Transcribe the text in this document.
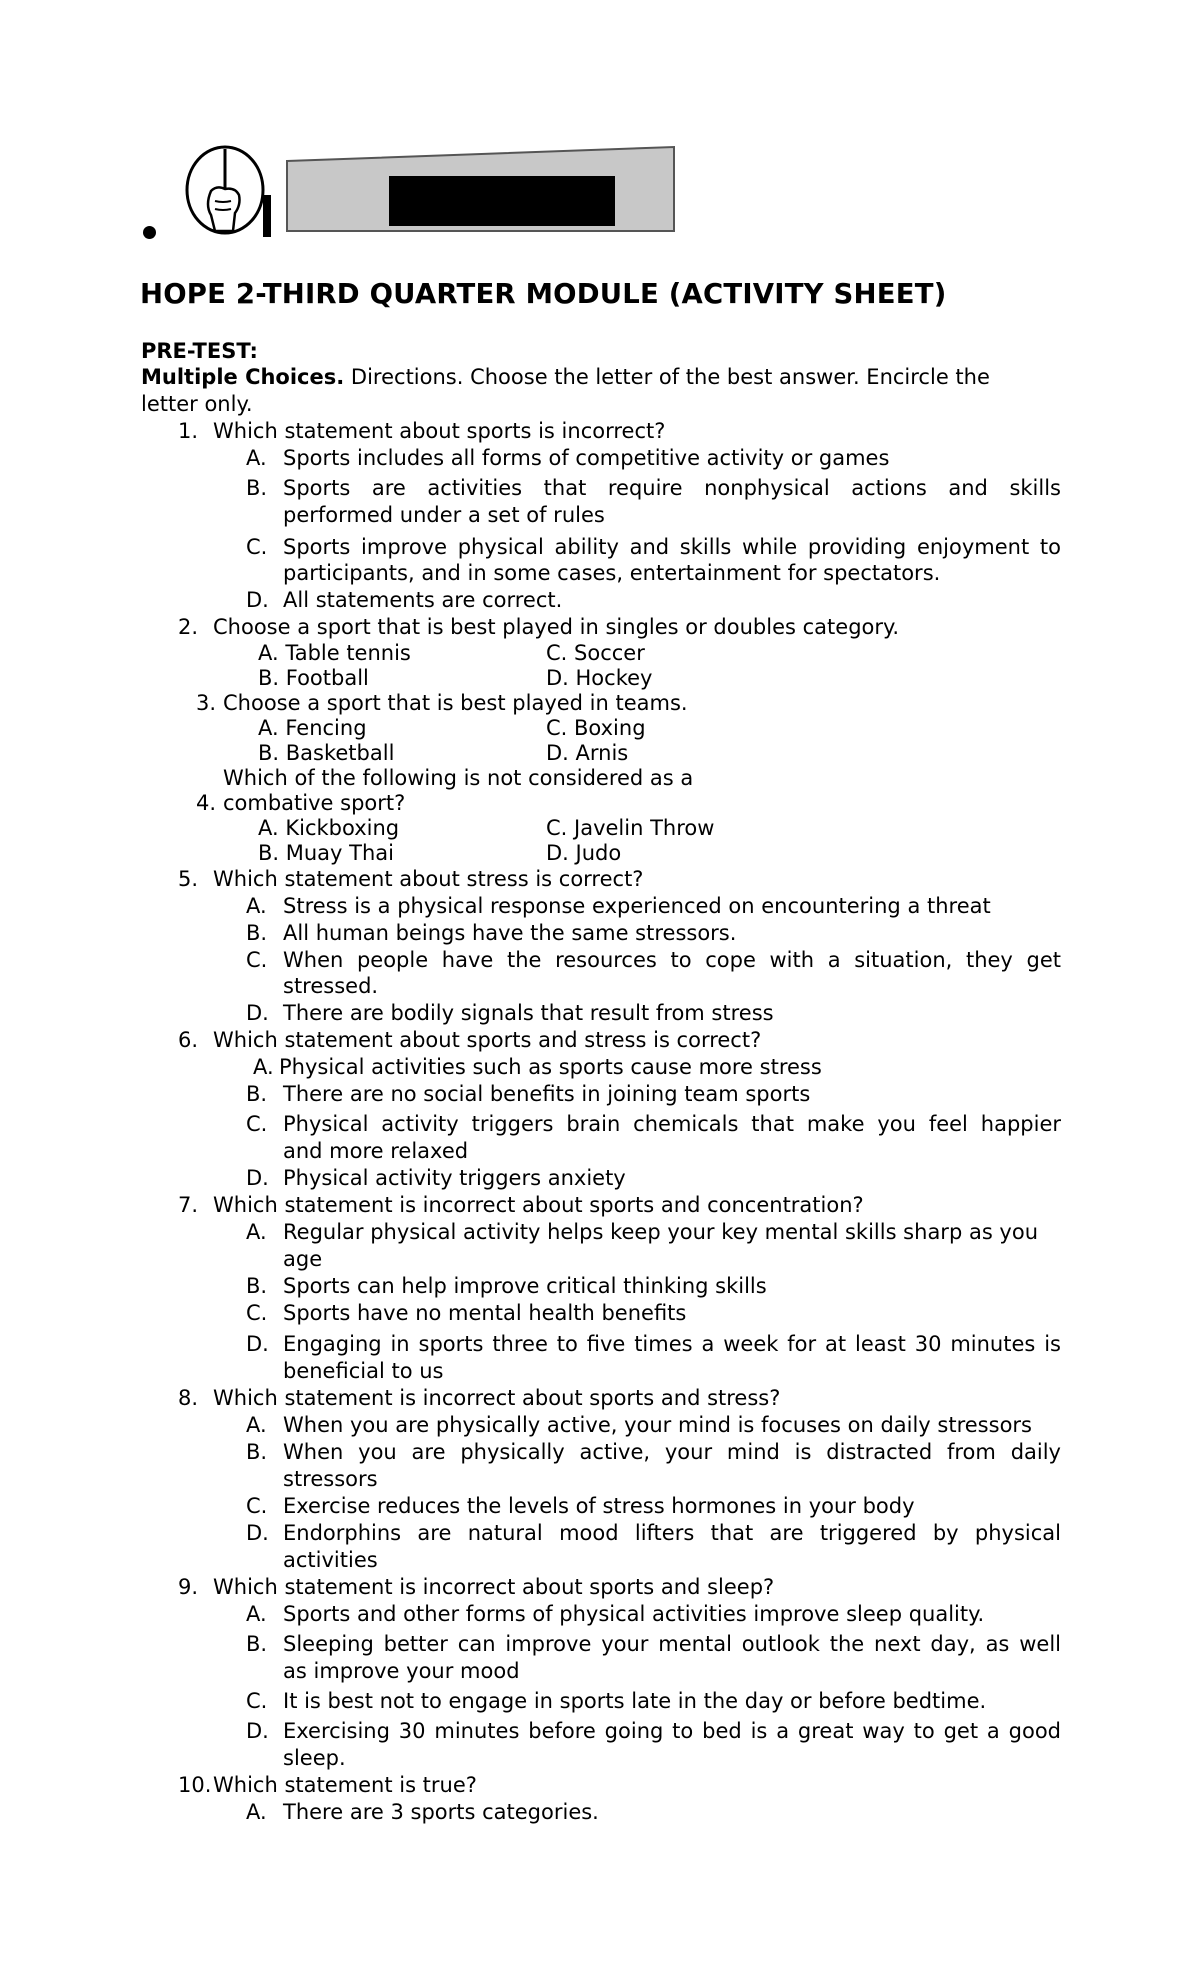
HOPE 2-THIRD QUARTER MODULE (ACTIVITY SHEET)
PRE-TEST:
Multiple Choices. Directions. Choose the letter of the best answer. Encircle the
letter only.
1. Which statement about sports is incorrect?
A. Sports includes all forms of competitive activity or games
B. Sports are activities that require nonphysical actions and skills
performed under a set of rules
C. Sports improve physical ability and skills while providing enjoyment to
participants, and in some cases, entertainment for spectators.
D. All statements are correct.
2. Choose a sport that is best played in singles or doubles category.
A. Table tennis	C. Soccer
B. Football	D. Hockey
3. Choose a sport that is best played in teams.
A. Fencing	C. Boxing
B. Basketball	D. Arnis
Which of the following is not considered as a
4. combative sport?
A. Kickboxing	C. Javelin Throw
B. Muay Thai	D. Judo
5. Which statement about stress is correct?
A. Stress is a physical response experienced on encountering a threat
B. All human beings have the same stressors.
C. When people have the resources to cope with a situation, they get
stressed.
D. There are bodily signals that result from stress
6. Which statement about sports and stress is correct?
A. Physical activities such as sports cause more stress
B. There are no social benefits in joining team sports
C. Physical activity triggers brain chemicals that make you feel happier
and more relaxed
D. Physical activity triggers anxiety
7. Which statement is incorrect about sports and concentration?
A. Regular physical activity helps keep your key mental skills sharp as you
age
B. Sports can help improve critical thinking skills
C. Sports have no mental health benefits
D. Engaging in sports three to five times a week for at least 30 minutes is
beneficial to us
8. Which statement is incorrect about sports and stress?
A. When you are physically active, your mind is focuses on daily stressors
B. When you are physically active, your mind is distracted from daily
stressors
C. Exercise reduces the levels of stress hormones in your body
D. Endorphins are natural mood lifters that are triggered by physical
activities
9. Which statement is incorrect about sports and sleep?
A. Sports and other forms of physical activities improve sleep quality.
B. Sleeping better can improve your mental outlook the next day, as well
as improve your mood
C. It is best not to engage in sports late in the day or before bedtime.
D. Exercising 30 minutes before going to bed is a great way to get a good
sleep.
10. Which statement is true?
A. There are 3 sports categories.
